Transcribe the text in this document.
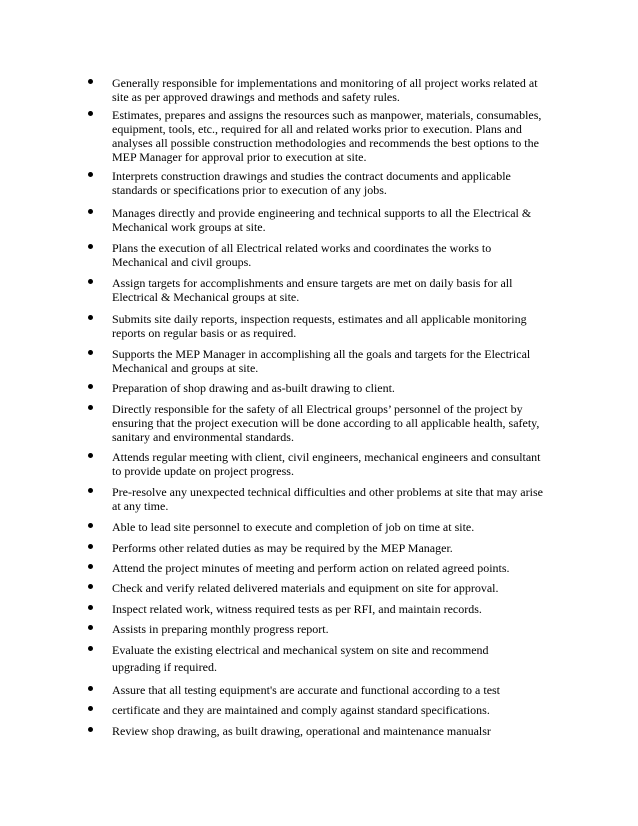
Generally responsible for implementations and monitoring of all project works related at
site as per approved drawings and methods and safety rules.
Estimates, prepares and assigns the resources such as manpower, materials, consumables,
equipment, tools, etc., required for all and related works prior to execution. Plans and
analyses all possible construction methodologies and recommends the best options to the
MEP Manager for approval prior to execution at site.
Interprets construction drawings and studies the contract documents and applicable
standards or specifications prior to execution of any jobs.
Manages directly and provide engineering and technical supports to all the Electrical &
Mechanical work groups at site.
Plans the execution of all Electrical related works and coordinates the works to
Mechanical and civil groups.
Assign targets for accomplishments and ensure targets are met on daily basis for all
Electrical & Mechanical groups at site.
Submits site daily reports, inspection requests, estimates and all applicable monitoring
reports on regular basis or as required.
Supports the MEP Manager in accomplishing all the goals and targets for the Electrical
Mechanical and groups at site.
Preparation of shop drawing and as-built drawing to client.
Directly responsible for the safety of all Electrical groups’ personnel of the project by
ensuring that the project execution will be done according to all applicable health, safety,
sanitary and environmental standards.
Attends regular meeting with client, civil engineers, mechanical engineers and consultant
to provide update on project progress.
Pre-resolve any unexpected technical difficulties and other problems at site that may arise
at any time.
Able to lead site personnel to execute and completion of job on time at site.
Performs other related duties as may be required by the MEP Manager.
Attend the project minutes of meeting and perform action on related agreed points.
Check and verify related delivered materials and equipment on site for approval.
Inspect related work, witness required tests as per RFI, and maintain records.
Assists in preparing monthly progress report.
Evaluate the existing electrical and mechanical system on site and recommend
upgrading if required.
Assure that all testing equipment's are accurate and functional according to a test
certificate and they are maintained and comply against standard specifications.
Review shop drawing, as built drawing, operational and maintenance manualsr
